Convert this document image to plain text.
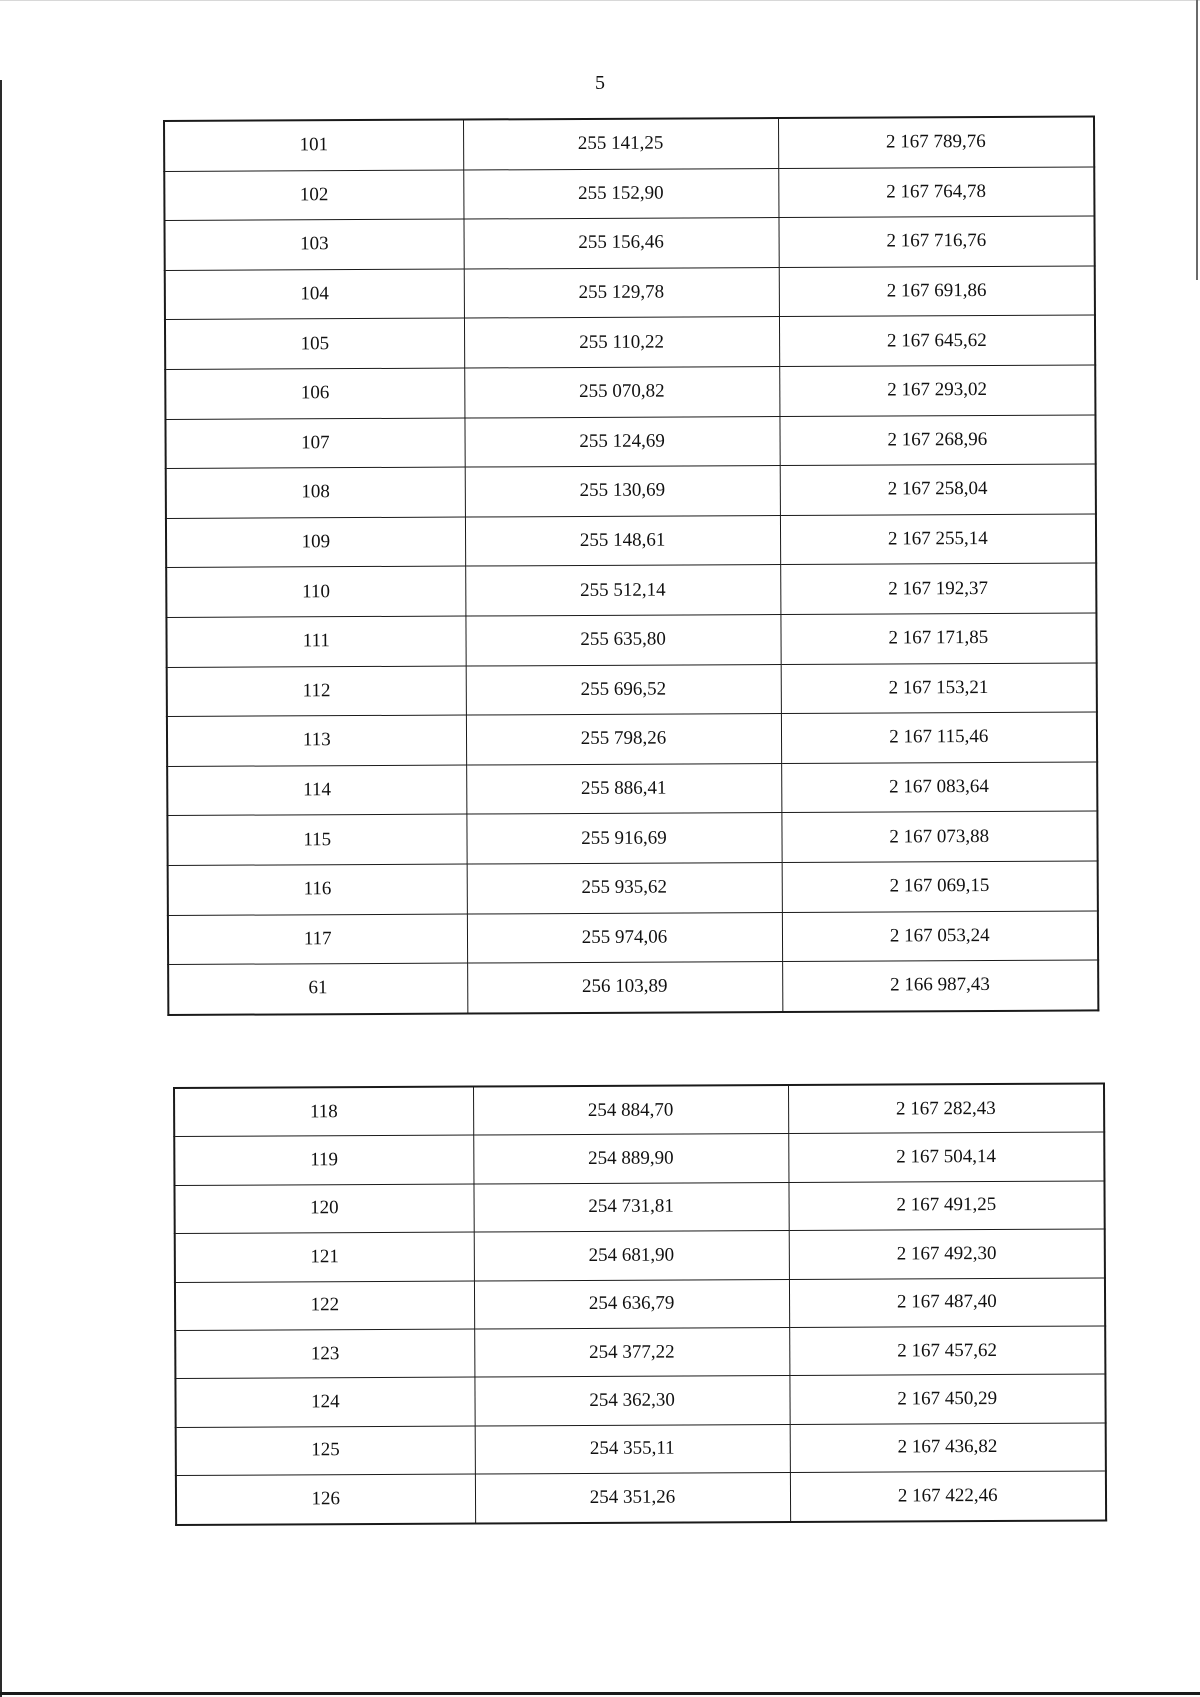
5
101	255 141,25	2 167 789,76
102	255 152,90	2 167 764,78
103	255 156,46	2 167 716,76
104	255 129,78	2 167 691,86
105	255 110,22	2 167 645,62
106	255 070,82	2 167 293,02
107	255 124,69	2 167 268,96
108	255 130,69	2 167 258,04
109	255 148,61	2 167 255,14
110	255 512,14	2 167 192,37
111	255 635,80	2 167 171,85
112	255 696,52	2 167 153,21
113	255 798,26	2 167 115,46
114	255 886,41	2 167 083,64
115	255 916,69	2 167 073,88
116	255 935,62	2 167 069,15
117	255 974,06	2 167 053,24
61	256 103,89	2 166 987,43
118	254 884,70	2 167 282,43
119	254 889,90	2 167 504,14
120	254 731,81	2 167 491,25
121	254 681,90	2 167 492,30
122	254 636,79	2 167 487,40
123	254 377,22	2 167 457,62
124	254 362,30	2 167 450,29
125	254 355,11	2 167 436,82
126	254 351,26	2 167 422,46
